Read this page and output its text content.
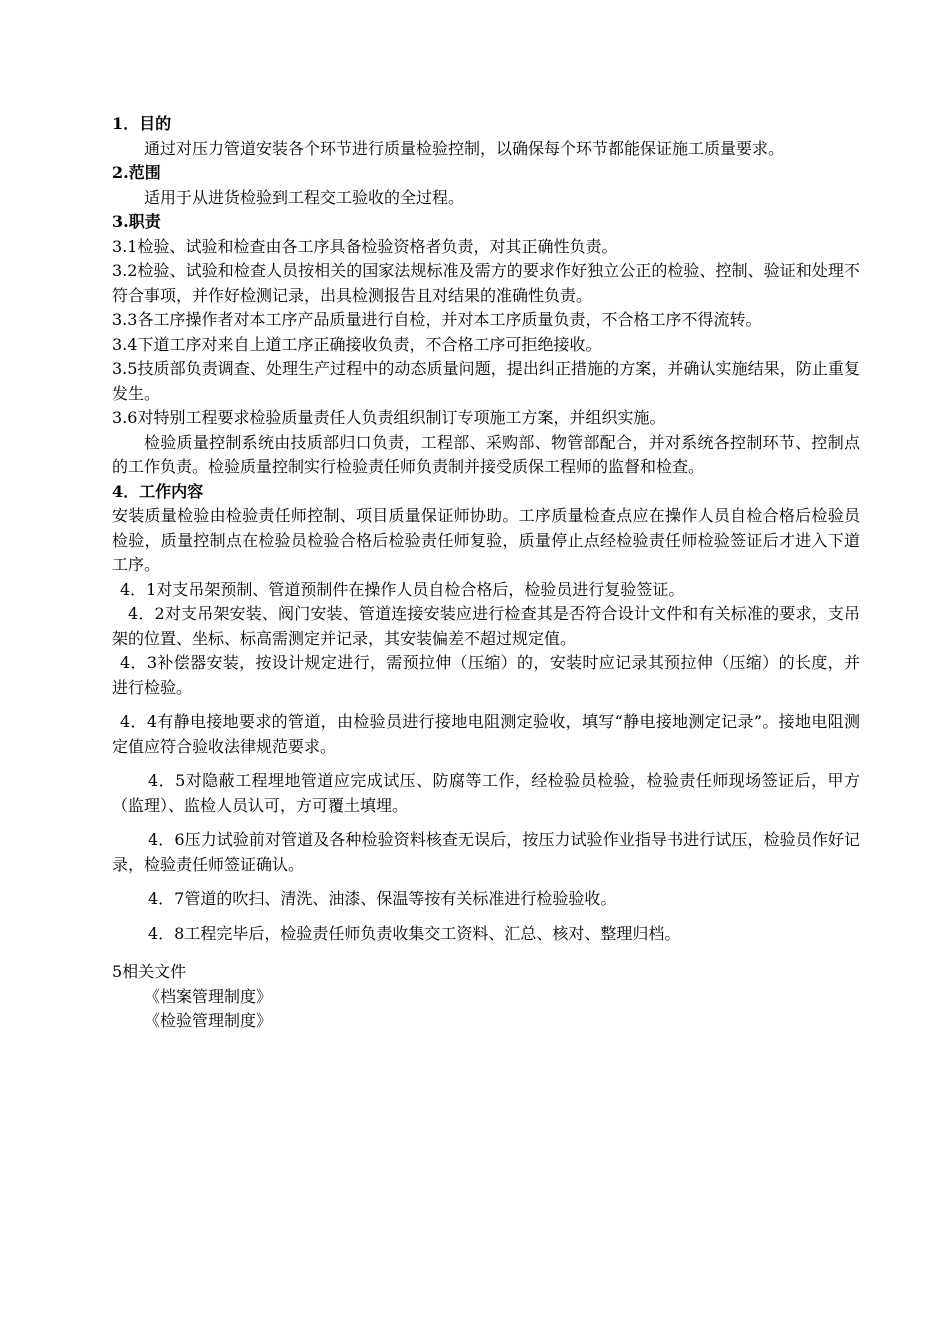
1．目的

通过对压力管道安装各个环节进行质量检验控制，以确保每个环节都能保证施工质量要求。

2.范围

适用于从进货检验到工程交工验收的全过程。

3.职责

3.1检验、试验和检查由各工序具备检验资格者负责，对其正确性负责。

3.2检验、试验和检查人员按相关的国家法规标准及需方的要求作好独立公正的检验、控制、验证和处理不符合事项，并作好检测记录，出具检测报告且对结果的准确性负责。

3.3各工序操作者对本工序产品质量进行自检，并对本工序质量负责，不合格工序不得流转。

3.4下道工序对来自上道工序正确接收负责，不合格工序可拒绝接收。

3.5技质部负责调查、处理生产过程中的动态质量问题，提出纠正措施的方案，并确认实施结果，防止重复发生。

3.6对特别工程要求检验质量责任人负责组织制订专项施工方案，并组织实施。

检验质量控制系统由技质部归口负责，工程部、采购部、物管部配合，并对系统各控制环节、控制点的工作负责。检验质量控制实行检验责任师负责制并接受质保工程师的监督和检查。

4．工作内容

安装质量检验由检验责任师控制、项目质量保证师协助。工序质量检查点应在操作人员自检合格后检验员检验，质量控制点在检验员检验合格后检验责任师复验，质量停止点经检验责任师检验签证后才进入下道工序。

4．1对支吊架预制、管道预制件在操作人员自检合格后，检验员进行复验签证。

4．2对支吊架安装、阀门安装、管道连接安装应进行检查其是否符合设计文件和有关标准的要求，支吊架的位置、坐标、标高需测定并记录，其安装偏差不超过规定值。

4．3补偿器安装，按设计规定进行，需预拉伸（压缩）的，安装时应记录其预拉伸（压缩）的长度，并进行检验。

4．4有静电接地要求的管道，由检验员进行接地电阻测定验收，填写“静电接地测定记录”。接地电阻测定值应符合验收法律规范要求。

4．5对隐蔽工程埋地管道应完成试压、防腐等工作，经检验员检验，检验责任师现场签证后，甲方（监理）、监检人员认可，方可覆土填埋。

4．6压力试验前对管道及各种检验资料核查无误后，按压力试验作业指导书进行试压，检验员作好记录，检验责任师签证确认。

4．7管道的吹扫、清洗、油漆、保温等按有关标准进行检验验收。

4．8工程完毕后，检验责任师负责收集交工资料、汇总、核对、整理归档。

5相关文件

《档案管理制度》

《检验管理制度》
